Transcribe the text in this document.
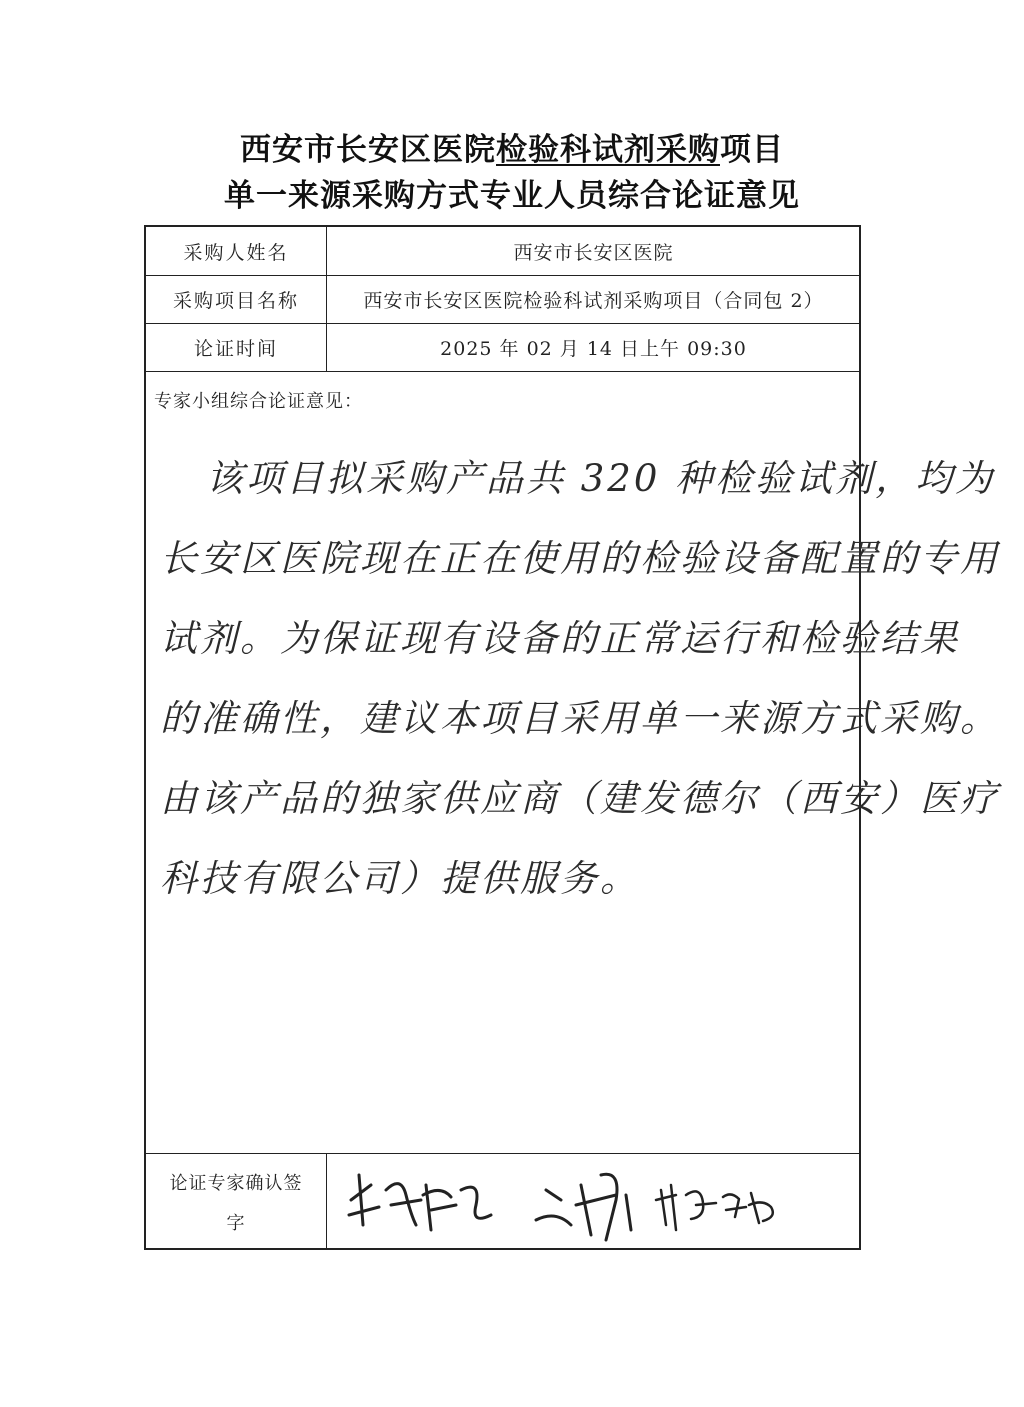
西安市长安区医院检验科试剂采购项目
单一来源采购方式专业人员综合论证意见
采购人姓名	西安市长安区医院
采购项目名称	西安市长安区医院检验科试剂采购项目（合同包 2）
论证时间	2025 年 02 月 14 日上午 09:30
专家小组综合论证意见：
该项目拟采购产品共 320 种检验试剂，均为
长安区医院现在正在使用的检验设备配置的专用
试剂。为保证现有设备的正常运行和检验结果
的准确性，建议本项目采用单一来源方式采购。
由该产品的独家供应商（建发德尔（西安）医疗
科技有限公司）提供服务。
论证专家确认签
字
